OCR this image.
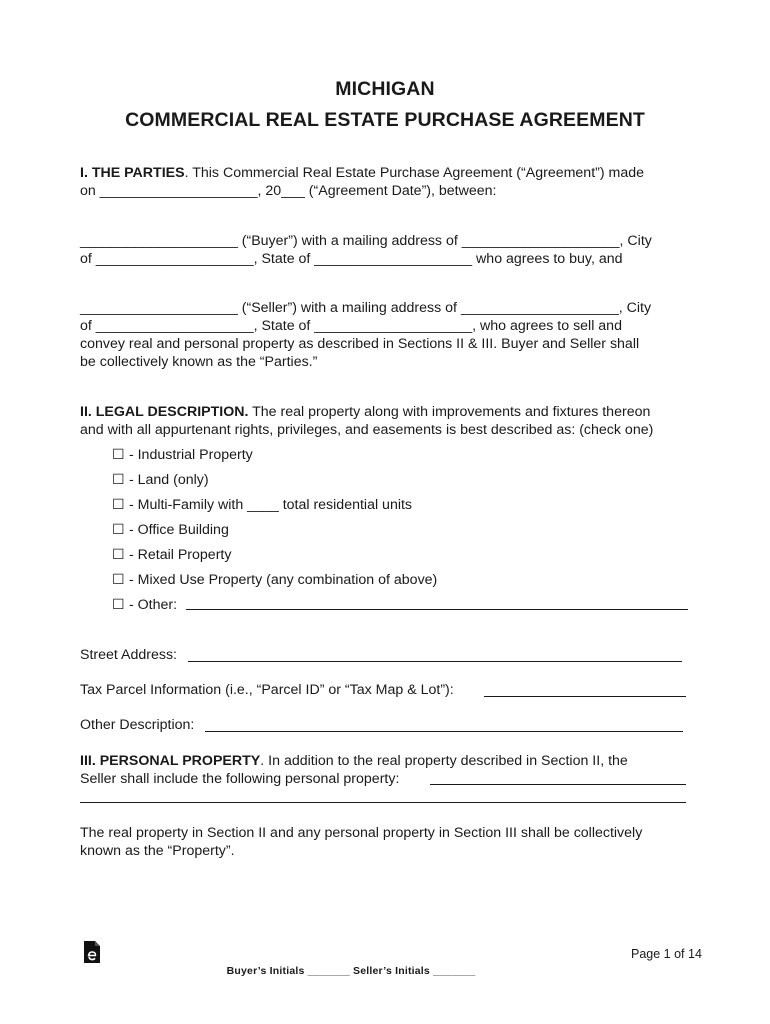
MICHIGAN
COMMERCIAL REAL ESTATE PURCHASE AGREEMENT
I. THE PARTIES. This Commercial Real Estate Purchase Agreement (“Agreement”) made
on ____________________, 20___ (“Agreement Date”), between:
____________________ (“Buyer”) with a mailing address of ____________________, City
of ____________________, State of ____________________ who agrees to buy, and
____________________ (“Seller”) with a mailing address of ____________________, City
of ____________________, State of ____________________, who agrees to sell and
convey real and personal property as described in Sections II & III. Buyer and Seller shall
be collectively known as the “Parties.”
II. LEGAL DESCRIPTION. The real property along with improvements and fixtures thereon
and with all appurtenant rights, privileges, and easements is best described as: (check one)
☐ - Industrial Property
☐ - Land (only)
☐ - Multi-Family with ____ total residential units
☐ - Office Building
☐ - Retail Property
☐ - Mixed Use Property (any combination of above)
☐ - Other:
Street Address:
Tax Parcel Information (i.e., “Parcel ID” or “Tax Map & Lot”):
Other Description:
III. PERSONAL PROPERTY. In addition to the real property described in Section II, the
Seller shall include the following personal property:
The real property in Section II and any personal property in Section III shall be collectively
known as the “Property”.
Page 1 of 14
Buyer’s Initials _______ Seller’s Initials _______
